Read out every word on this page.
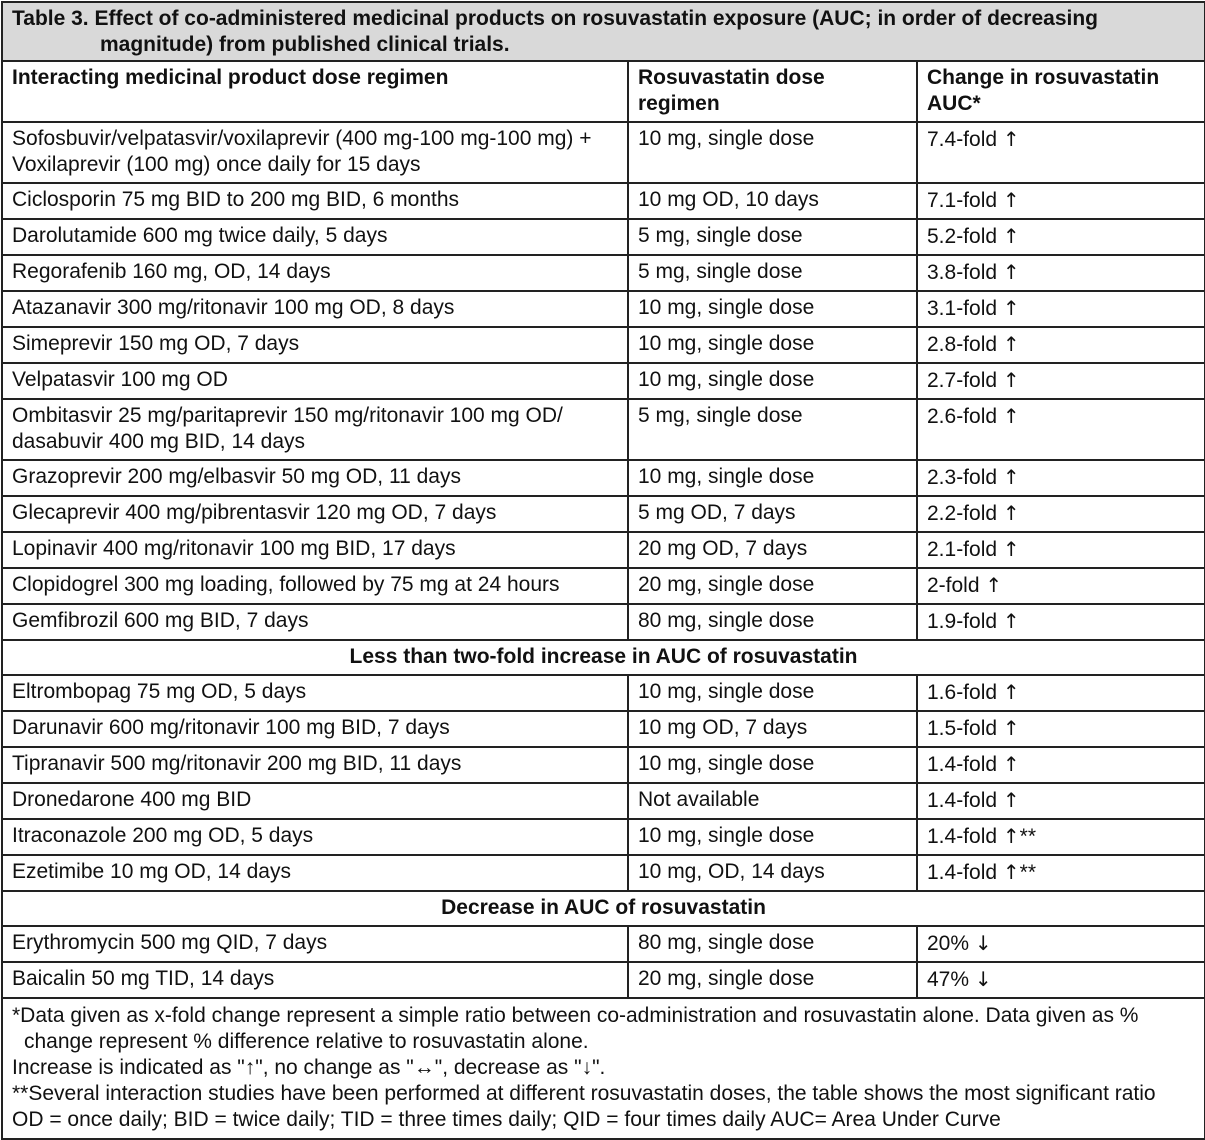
Table 3. Effect of co-administered medicinal products on rosuvastatin exposure (AUC; in order of decreasing magnitude) from published clinical trials.		

Interacting medicinal product dose regimen	Rosuvastatin dose regimen	Change in rosuvastatin AUC*
Sofosbuvir/velpatasvir/voxilaprevir (400 mg-100 mg-100 mg) + Voxilaprevir (100 mg) once daily for 15 days	10 mg, single dose	7.4-fold ↑
Ciclosporin 75 mg BID to 200 mg BID, 6 months	10 mg OD, 10 days	7.1-fold ↑
Darolutamide 600 mg twice daily, 5 days	5 mg, single dose	5.2-fold ↑
Regorafenib 160 mg, OD, 14 days	5 mg, single dose	3.8-fold ↑
Atazanavir 300 mg/ritonavir 100 mg OD, 8 days	10 mg, single dose	3.1-fold ↑
Simeprevir 150 mg OD, 7 days	10 mg, single dose	2.8-fold ↑
Velpatasvir 100 mg OD	10 mg, single dose	2.7-fold ↑
Ombitasvir 25 mg/paritaprevir 150 mg/ritonavir 100 mg OD/ dasabuvir 400 mg BID, 14 days	5 mg, single dose	2.6-fold ↑
Grazoprevir 200 mg/elbasvir 50 mg OD, 11 days	10 mg, single dose	2.3-fold ↑
Glecaprevir 400 mg/pibrentasvir 120 mg OD, 7 days	5 mg OD, 7 days	2.2-fold ↑
Lopinavir 400 mg/ritonavir 100 mg BID, 17 days	20 mg OD, 7 days	2.1-fold ↑
Clopidogrel 300 mg loading, followed by 75 mg at 24 hours	20 mg, single dose	2-fold ↑
Gemfibrozil 600 mg BID, 7 days	80 mg, single dose	1.9-fold ↑
Less than two-fold increase in AUC of rosuvastatin		
Eltrombopag 75 mg OD, 5 days	10 mg, single dose	1.6-fold ↑
Darunavir 600 mg/ritonavir 100 mg BID, 7 days	10 mg OD, 7 days	1.5-fold ↑
Tipranavir 500 mg/ritonavir 200 mg BID, 11 days	10 mg, single dose	1.4-fold ↑
Dronedarone 400 mg BID	Not available	1.4-fold ↑
Itraconazole 200 mg OD, 5 days	10 mg, single dose	1.4-fold ↑**
Ezetimibe 10 mg OD, 14 days	10 mg, OD, 14 days	1.4-fold ↑**
Decrease in AUC of rosuvastatin		
Erythromycin 500 mg QID, 7 days	80 mg, single dose	20% ↓
Baicalin 50 mg TID, 14 days	20 mg, single dose	47% ↓

*Data given as x-fold change represent a simple ratio between co-administration and rosuvastatin alone. Data given as % change represent % difference relative to rosuvastatin alone.

Increase is indicated as "↑", no change as "↔", decrease as "↓".

**Several interaction studies have been performed at different rosuvastatin doses, the table shows the most significant ratio

OD = once daily; BID = twice daily; TID = three times daily; QID = four times daily AUC= Area Under Curve		
